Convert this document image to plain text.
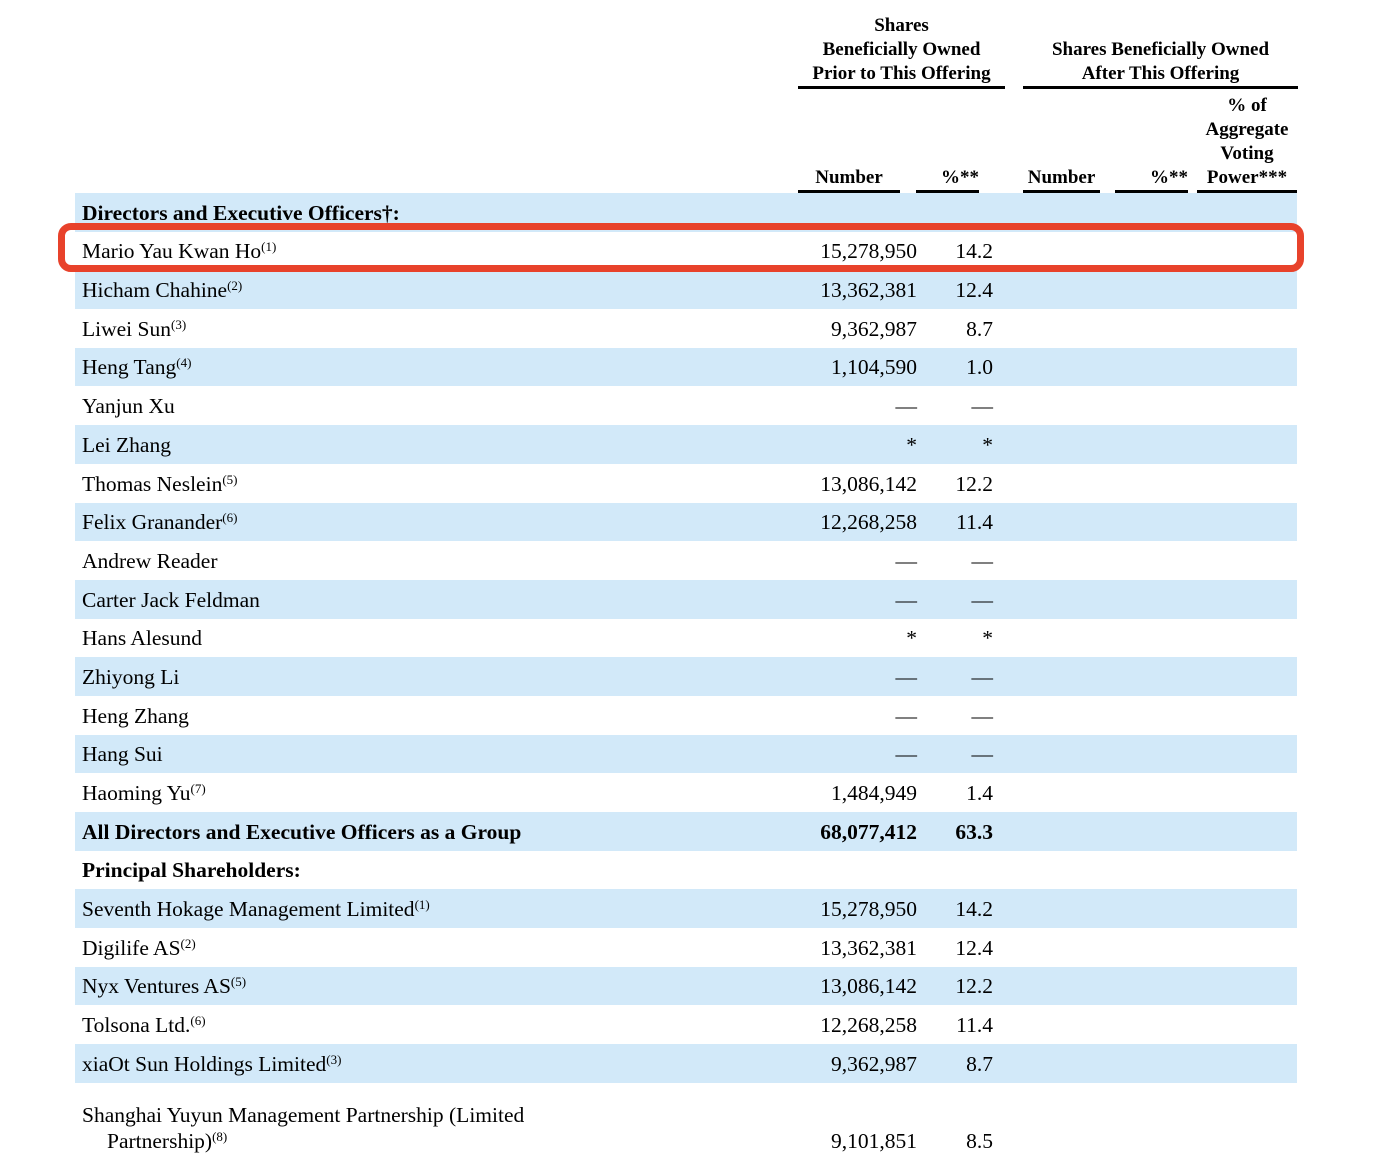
Shares
Beneficially Owned
Prior to This Offering
Shares Beneficially Owned
After This Offering
% of
Aggregate
Voting
Power***
Number	%**	Number	%**
Directors and Executive Officers†:
Mario Yau Kwan Ho$^{(1)}$	15,278,950	14.2
Hicham Chahine$^{(2)}$	13,362,381	12.4
Liwei Sun$^{(3)}$	9,362,987	8.7
Heng Tang$^{(4)}$	1,104,590	1.0
Yanjun Xu	—	—
Lei Zhang	*	*
Thomas Neslein$^{(5)}$	13,086,142	12.2
Felix Granander$^{(6)}$	12,268,258	11.4
Andrew Reader	—	—
Carter Jack Feldman	—	—
Hans Alesund	*	*
Zhiyong Li	—	—
Heng Zhang	—	—
Hang Sui	—	—
Haoming Yu$^{(7)}$	1,484,949	1.4
All Directors and Executive Officers as a Group	68,077,412	63.3
Principal Shareholders:
Seventh Hokage Management Limited$^{(1)}$	15,278,950	14.2
Digilife AS$^{(2)}$	13,362,381	12.4
Nyx Ventures AS$^{(5)}$	13,086,142	12.2
Tolsona Ltd.$^{(6)}$	12,268,258	11.4
xiaOt Sun Holdings Limited$^{(3)}$	9,362,987	8.7
Shanghai Yuyun Management Partnership (Limited
Partnership)$^{(8)}$	9,101,851	8.5
